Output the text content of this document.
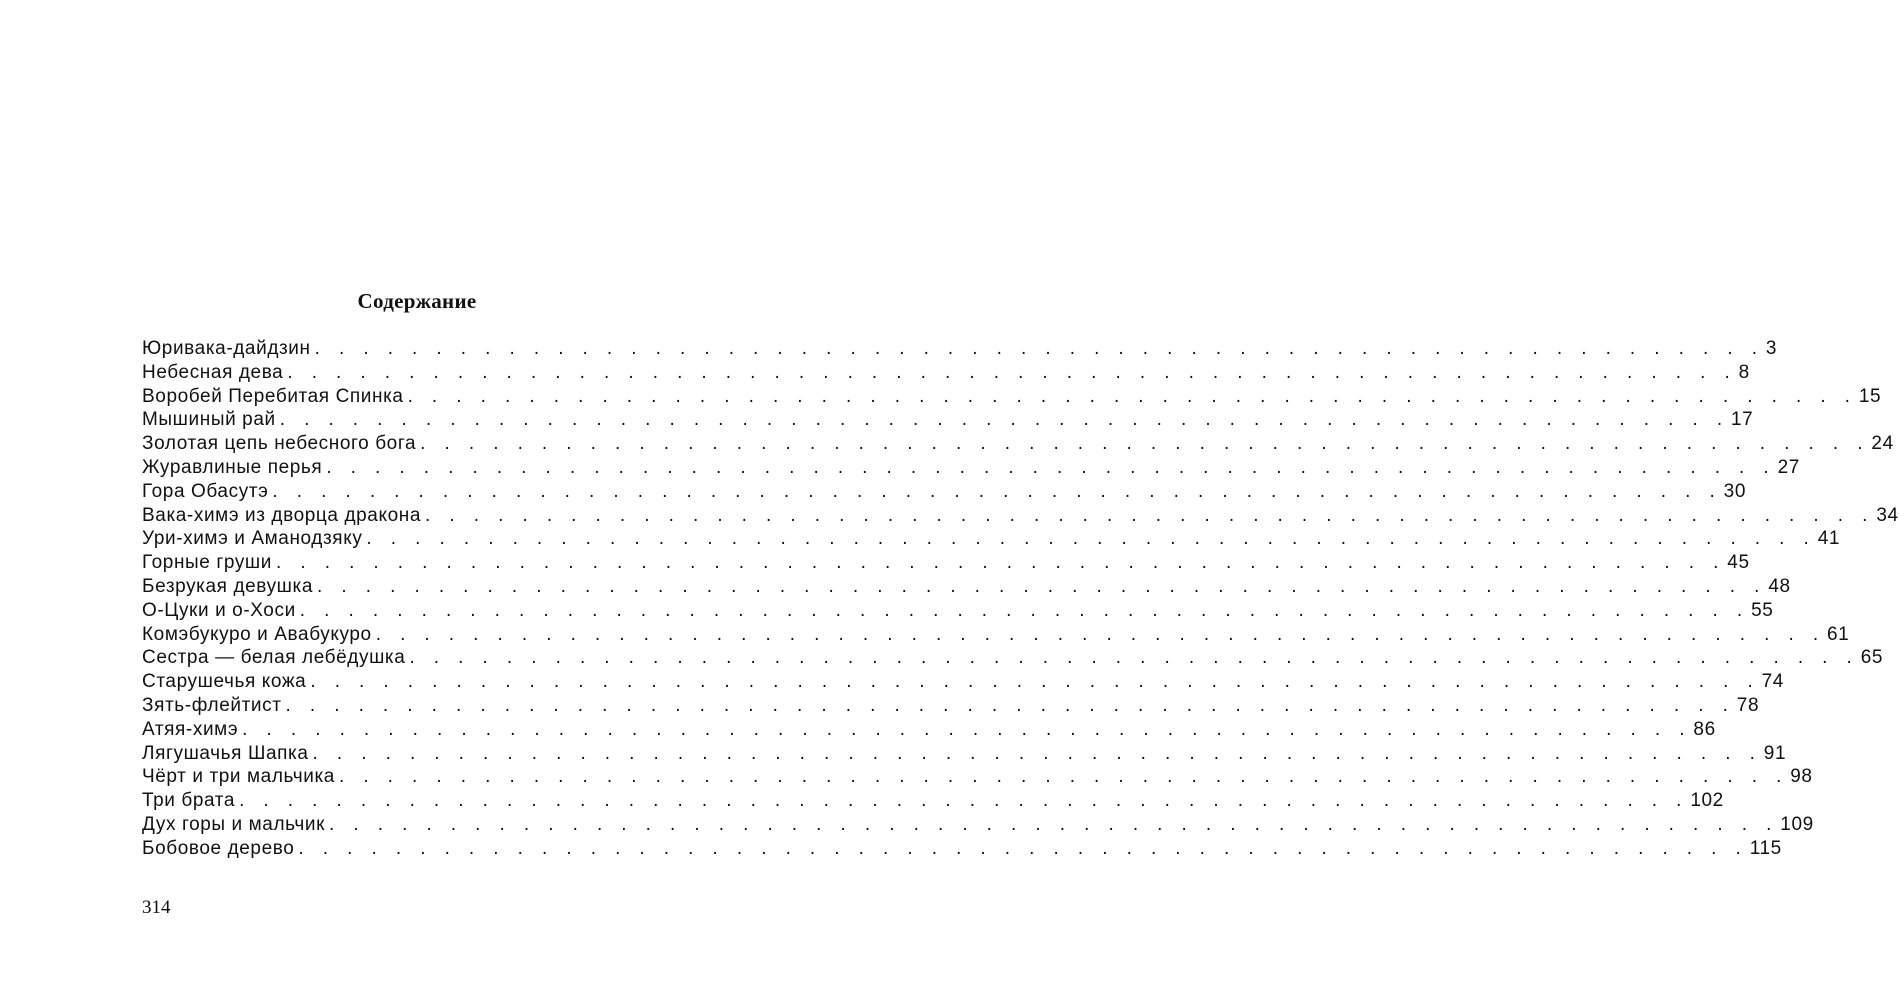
Содержание
Юривака-дайдзин . . . . . . . . . . . . . . . . . . . . . . . . . . . . . . . . . . . . . . . . . . . . . . . . . . . . . . . . . . . . 3
Небесная дева . . . . . . . . . . . . . . . . . . . . . . . . . . . . . . . . . . . . . . . . . . . . . . . . . . . . . . . . . . . . 8
Воробей Перебитая Спинка . . . . . . . . . . . . . . . . . . . . . . . . . . . . . . . . . . . . . . . . . . . . . . . . . . . . . . . . . . . . 15
Мышиный рай . . . . . . . . . . . . . . . . . . . . . . . . . . . . . . . . . . . . . . . . . . . . . . . . . . . . . . . . . . . . 17
Золотая цепь небесного бога . . . . . . . . . . . . . . . . . . . . . . . . . . . . . . . . . . . . . . . . . . . . . . . . . . . . . . . . . . . . 24
Журавлиные перья . . . . . . . . . . . . . . . . . . . . . . . . . . . . . . . . . . . . . . . . . . . . . . . . . . . . . . . . . . . . 27
Гора Обасутэ . . . . . . . . . . . . . . . . . . . . . . . . . . . . . . . . . . . . . . . . . . . . . . . . . . . . . . . . . . . . 30
Вака-химэ из дворца дракона . . . . . . . . . . . . . . . . . . . . . . . . . . . . . . . . . . . . . . . . . . . . . . . . . . . . . . . . . . . . 34
Ури-химэ и Аманодзяку . . . . . . . . . . . . . . . . . . . . . . . . . . . . . . . . . . . . . . . . . . . . . . . . . . . . . . . . . . . . 41
Горные груши . . . . . . . . . . . . . . . . . . . . . . . . . . . . . . . . . . . . . . . . . . . . . . . . . . . . . . . . . . . . 45
Безрукая девушка . . . . . . . . . . . . . . . . . . . . . . . . . . . . . . . . . . . . . . . . . . . . . . . . . . . . . . . . . . . . 48
О-Цуки и о-Хоси . . . . . . . . . . . . . . . . . . . . . . . . . . . . . . . . . . . . . . . . . . . . . . . . . . . . . . . . . . . . 55
Комэбукуро и Авабукуро . . . . . . . . . . . . . . . . . . . . . . . . . . . . . . . . . . . . . . . . . . . . . . . . . . . . . . . . . . . . 61
Сестра — белая лебёдушка . . . . . . . . . . . . . . . . . . . . . . . . . . . . . . . . . . . . . . . . . . . . . . . . . . . . . . . . . . . . 65
Старушечья кожа . . . . . . . . . . . . . . . . . . . . . . . . . . . . . . . . . . . . . . . . . . . . . . . . . . . . . . . . . . . . 74
Зять-флейтист . . . . . . . . . . . . . . . . . . . . . . . . . . . . . . . . . . . . . . . . . . . . . . . . . . . . . . . . . . . . 78
Атяя-химэ . . . . . . . . . . . . . . . . . . . . . . . . . . . . . . . . . . . . . . . . . . . . . . . . . . . . . . . . . . . . 86
Лягушачья Шапка . . . . . . . . . . . . . . . . . . . . . . . . . . . . . . . . . . . . . . . . . . . . . . . . . . . . . . . . . . . . 91
Чёрт и три мальчика . . . . . . . . . . . . . . . . . . . . . . . . . . . . . . . . . . . . . . . . . . . . . . . . . . . . . . . . . . . . 98
Три брата . . . . . . . . . . . . . . . . . . . . . . . . . . . . . . . . . . . . . . . . . . . . . . . . . . . . . . . . . . . . 102
Дух горы и мальчик . . . . . . . . . . . . . . . . . . . . . . . . . . . . . . . . . . . . . . . . . . . . . . . . . . . . . . . . . . . . 109
Бобовое дерево . . . . . . . . . . . . . . . . . . . . . . . . . . . . . . . . . . . . . . . . . . . . . . . . . . . . . . . . . . . . 115

314
